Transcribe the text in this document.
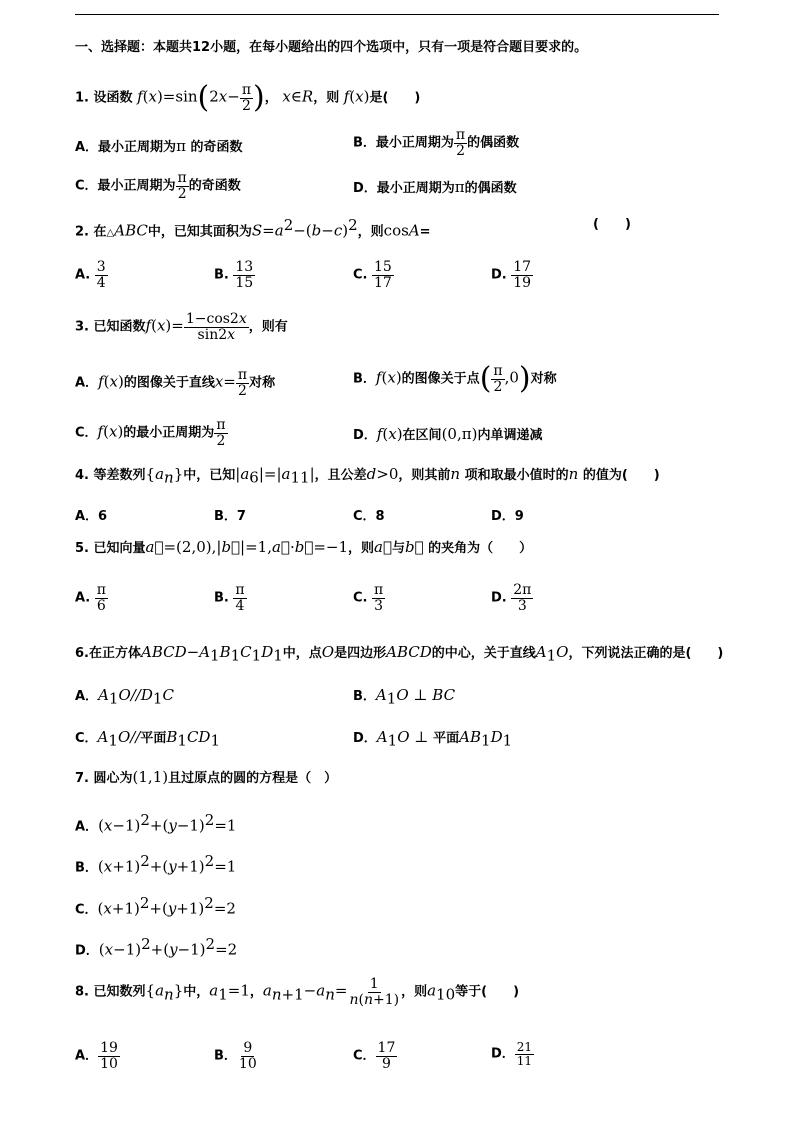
一、选择题：本题共12小题，在每小题给出的四个选项中，只有一项是符合题目要求的。
1. 设函数 $f(x)=\sin(2x- \frac{\pi}{2}$ )， x∈R，则 f(x)是(　　)
A．最小正周期为π 的奇函数	B．最小正周期为 $\frac{\pi}{2}$ 的偶函数
C．最小正周期为 $\frac{\pi}{2}$ 的奇函数	D．最小正周期为π的偶函数
2. 在△ABC中，已知其面积为$S=a^2-(b-c)^2$，则cosA=	(　　)
A. $\frac{3}{4}$	B. $\frac{13}{15}$	C. $\frac{15}{17}$	D. $\frac{17}{19}$
3. 已知函数$f(x)= \frac{1-\cos 2x}{\sin 2x}$ ，则有
A．f(x)的图像关于直线$x= \frac{\pi}{2}$ 对称	B．f(x)的图像关于点( $\frac{\pi}{2} ,0$)对称
C．f(x)的最小正周期为 $\frac{\pi}{2}$	D．f(x)在区间(0,π)内单调递减
4. 等差数列$\{a_n\}$中，已知$|a_6|=|a_{11}|$，且公差d>0，则其前n 项和取最小值时的n 的值为(　　)
A．6	B．7	C．8	D．9
5. 已知向量a⃗=(2,0),|b⃗|=1,a⃗·b⃗=−1，则a⃗与b⃗ 的夹角为（　　）
A. $\frac{\pi}{6}$	B. $\frac{\pi}{4}$	C. $\frac{\pi}{3}$	D. $\frac{2\pi}{3}$
6.在正方体$ABCD-A_1B_1C_1D_1$中，点O是四边形ABCD的中心，关于直线$A_1O$，下列说法正确的是(　　)
A．$A_1O//D_1C$	B．$A_1O$ ⊥ BC
C．$A_1O//$平面$B_1CD_1$	D．$A_1O$ ⊥ 平面$AB_1D_1$
7. 圆心为(1,1)且过原点的圆的方程是（　）
A．$(x-1)^2+(y-1)^2=1$
B．$(x+1)^2+(y+1)^2=1$
C．$(x+1)^2+(y+1)^2=2$
D．$(x-1)^2+(y-1)^2=2$
8. 已知数列$\{a_n\}$中，$a_1=1$，$a_{n+1}-a_n= \frac{1}{n(n+1)}$ ，则$a_{10}$等于(　　)
A． $\frac{19}{10}$	B． $\frac{9}{10}$	C． $\frac{17}{9}$	D． $\frac{21}{11}$
